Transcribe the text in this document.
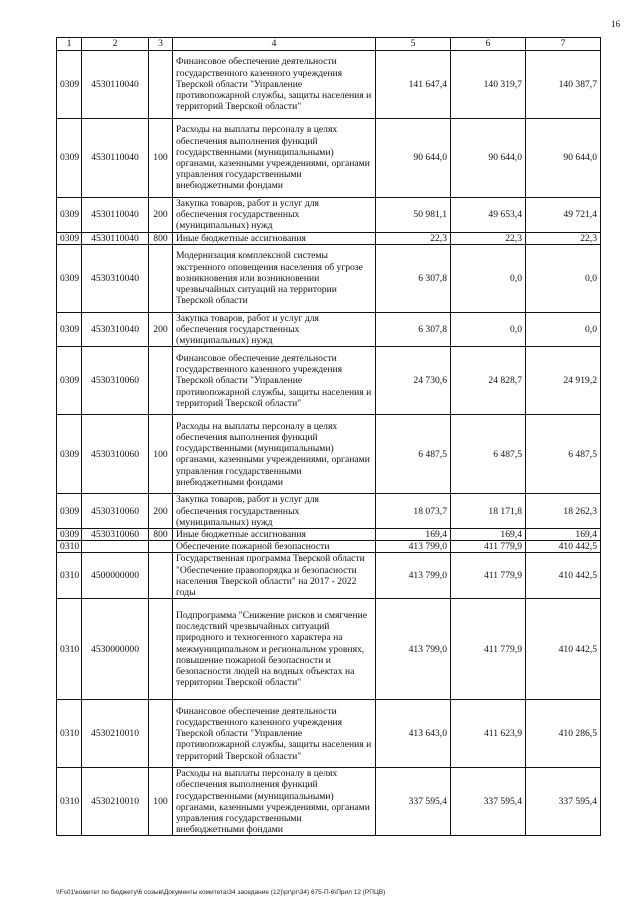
16
1	2	3	4	5	6	7
0309	4530110040		Финансовое обеспечение деятельности государственного казенного учреждения Тверской области "Управление противопожарной службы, защиты населения и территорий Тверской области"	141 647,4	140 319,7	140 387,7
0309	4530110040	100	Расходы на выплаты персоналу в целях обеспечения выполнения функций государственными (муниципальными) органами, казенными учреждениями, органами управления государственными внебюджетными фондами	90 644,0	90 644,0	90 644,0
0309	4530110040	200	Закупка товаров, работ и услуг для обеспечения государственных (муниципальных) нужд	50 981,1	49 653,4	49 721,4
0309	4530110040	800	Иные бюджетные ассигнования	22,3	22,3	22,3
0309	4530310040		Модернизация комплексной системы экстренного оповещения населения об угрозе возникновения или возникновении чрезвычайных ситуаций на территории Тверской области	6 307,8	0,0	0,0
0309	4530310040	200	Закупка товаров, работ и услуг для обеспечения государственных (муниципальных) нужд	6 307,8	0,0	0,0
0309	4530310060		Финансовое обеспечение деятельности государственного казенного учреждения Тверской области "Управление противопожарной службы, защиты населения и территорий Тверской области"	24 730,6	24 828,7	24 919,2
0309	4530310060	100	Расходы на выплаты персоналу в целях обеспечения выполнения функций государственными (муниципальными) органами, казенными учреждениями, органами управления государственными внебюджетными фондами	6 487,5	6 487,5	6 487,5
0309	4530310060	200	Закупка товаров, работ и услуг для обеспечения государственных (муниципальных) нужд	18 073,7	18 171,8	18 262,3
0309	4530310060	800	Иные бюджетные ассигнования	169,4	169,4	169,4
0310			Обеспечение пожарной безопасности	413 799,0	411 779,9	410 442,5
0310	4500000000		Государственная программа Тверской области "Обеспечение правопорядка и безопасности населения Тверской области" на 2017 - 2022 годы	413 799,0	411 779,9	410 442,5
0310	4530000000		Подпрограмма "Снижение рисков и смягчение последствий чрезвычайных ситуаций природного и техногенного характера на межмуниципальном и региональном уровнях, повышение пожарной безопасности и безопасности людей на водных объектах на территории Тверской области"	413 799,0	411 779,9	410 442,5
0310	4530210010		Финансовое обеспечение деятельности государственного казенного учреждения Тверской области "Управление противопожарной службы, защиты населения и территорий Тверской области"	413 643,0	411 623,9	410 286,5
0310	4530210010	100	Расходы на выплаты персоналу в целях обеспечения выполнения функций государственными (муниципальными) органами, казенными учреждениями, органами управления государственными внебюджетными фондами	337 595,4	337 595,4	337 595,4
\\Fs01\комитет по бюджету\6 созыв\Документы комитета\34 заседание (12)\рг\рг\34) 675-П-6\Прил 12 (РПЦВ)
